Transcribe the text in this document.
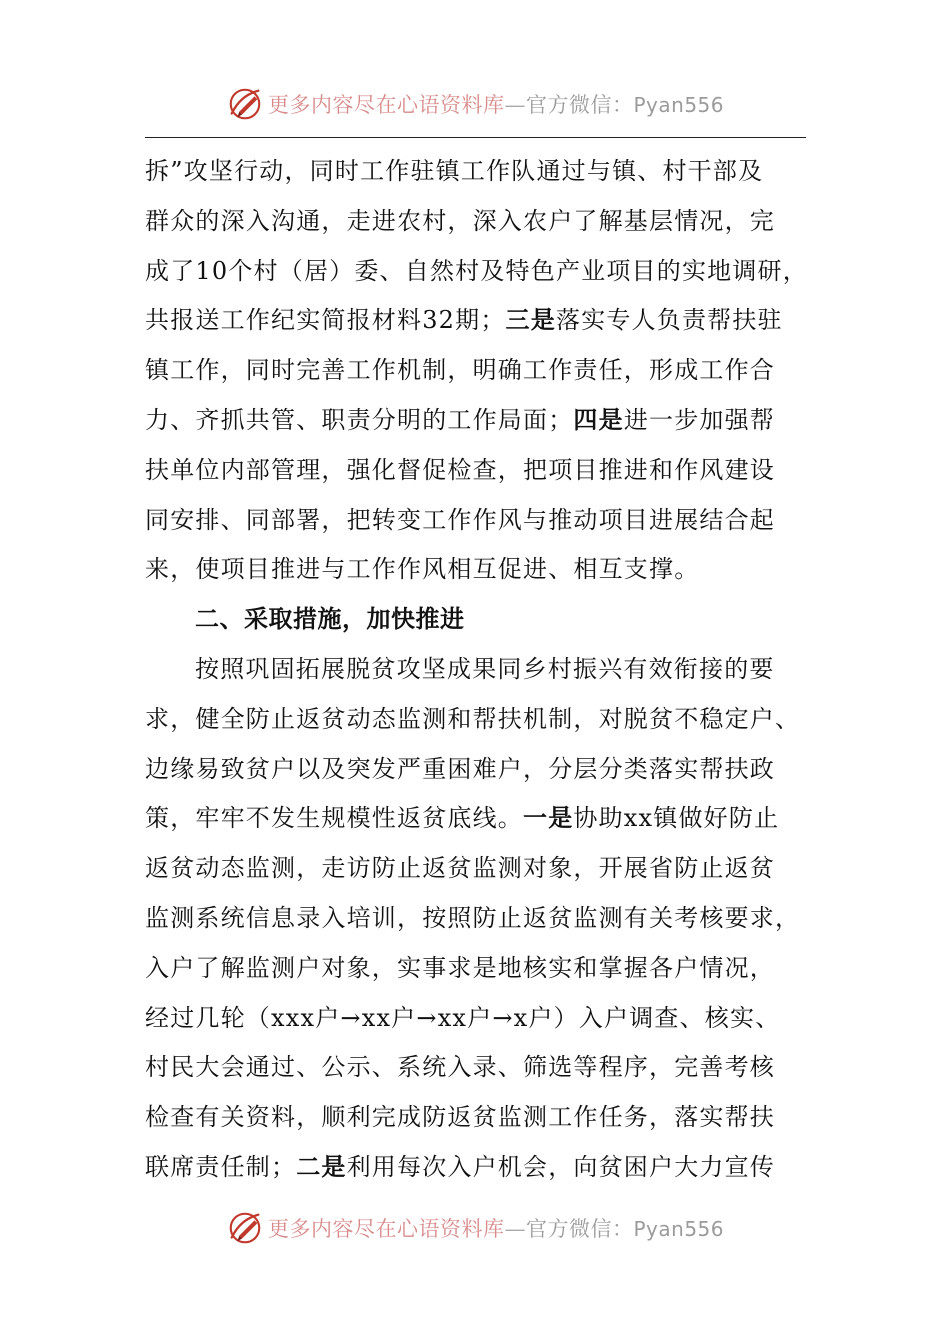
更多内容尽在心语资料库—官方微信：Pyan556
拆”攻坚行动，同时工作驻镇工作队通过与镇、村干部及
群众的深入沟通，走进农村，深入农户了解基层情况，完
成了10个村（居）委、自然村及特色产业项目的实地调研，
共报送工作纪实简报材料32期；三是落实专人负责帮扶驻
镇工作，同时完善工作机制，明确工作责任，形成工作合
力、齐抓共管、职责分明的工作局面；四是进一步加强帮
扶单位内部管理，强化督促检查，把项目推进和作风建设
同安排、同部署，把转变工作作风与推动项目进展结合起
来，使项目推进与工作作风相互促进、相互支撑。
二、采取措施，加快推进
按照巩固拓展脱贫攻坚成果同乡村振兴有效衔接的要
求，健全防止返贫动态监测和帮扶机制，对脱贫不稳定户、
边缘易致贫户以及突发严重困难户，分层分类落实帮扶政
策，牢牢不发生规模性返贫底线。一是协助xx镇做好防止
返贫动态监测，走访防止返贫监测对象，开展省防止返贫
监测系统信息录入培训，按照防止返贫监测有关考核要求，
入户了解监测户对象，实事求是地核实和掌握各户情况，
经过几轮（xxx户→xx户→xx户→x户）入户调查、核实、
村民大会通过、公示、系统入录、筛选等程序，完善考核
检查有关资料，顺利完成防返贫监测工作任务，落实帮扶
联席责任制；二是利用每次入户机会，向贫困户大力宣传
更多内容尽在心语资料库—官方微信：Pyan556
